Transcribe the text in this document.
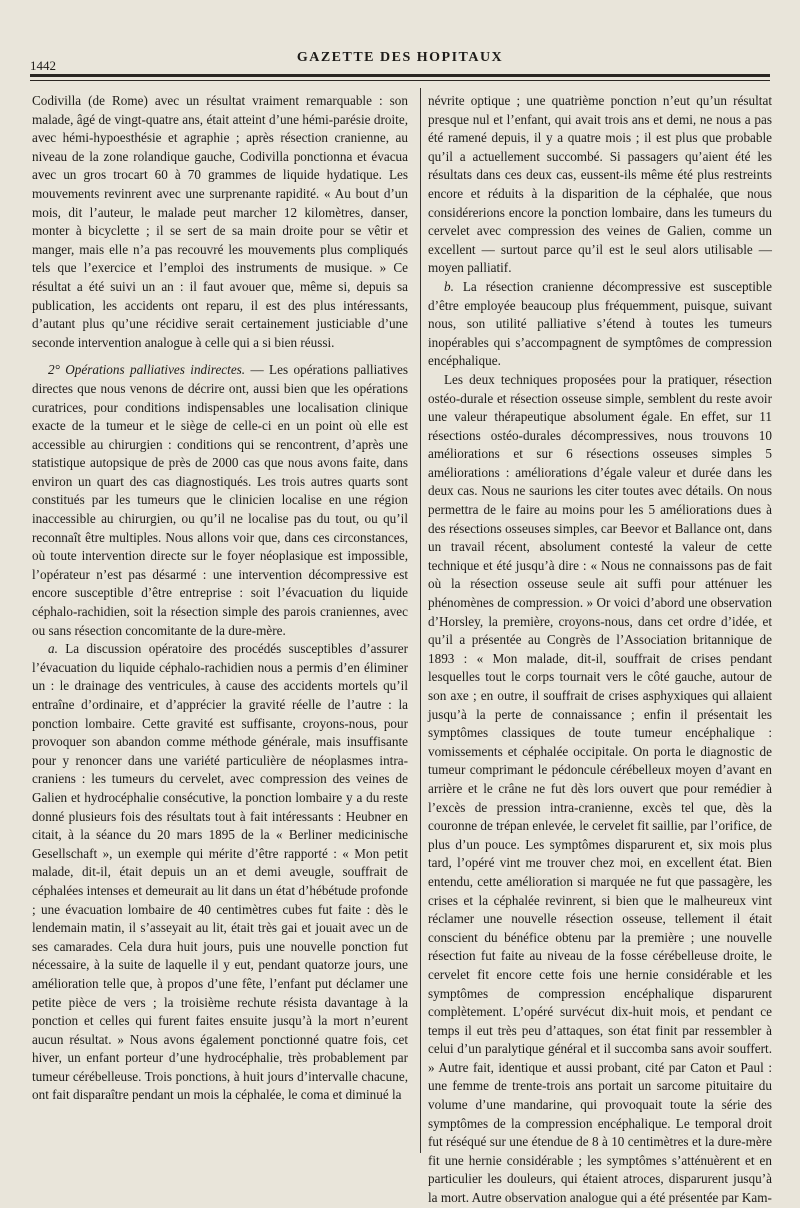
1442
GAZETTE DES HOPITAUX

Codivilla (de Rome) avec un résultat vraiment remarquable : son malade, âgé de vingt-quatre ans, était atteint d’une hémi-parésie droite, avec hémi-hypoesthésie et agraphie ; après résection cranienne, au niveau de la zone rolandique gauche, Codivilla ponctionna et évacua avec un gros trocart 60 à 70 grammes de liquide hydatique. Les mouvements revinrent avec une surprenante rapidité. « Au bout d’un mois, dit l’auteur, le malade peut marcher 12 kilomètres, danser, monter à bicyclette ; il se sert de sa main droite pour se vêtir et manger, mais elle n’a pas recouvré les mouvements plus compliqués tels que l’exercice et l’emploi des instruments de musique. » Ce résultat a été suivi un an : il faut avouer que, même si, depuis sa publication, les accidents ont reparu, il est des plus intéressants, d’autant plus qu’une récidive serait certainement justiciable d’une seconde intervention analogue à celle qui a si bien réussi.

2° Opérations palliatives indirectes. — Les opérations palliatives directes que nous venons de décrire ont, aussi bien que les opérations curatrices, pour conditions indispensables une localisation clinique exacte de la tumeur et le siège de celle-ci en un point où elle est accessible au chirurgien : conditions qui se rencontrent, d’après une statistique autopsique de près de 2000 cas que nous avons faite, dans environ un quart des cas diagnostiqués. Les trois autres quarts sont constitués par les tumeurs que le clinicien localise en une région inaccessible au chirurgien, ou qu’il ne localise pas du tout, ou qu’il reconnaît être multiples. Nous allons voir que, dans ces circonstances, où toute intervention directe sur le foyer néoplasique est impossible, l’opérateur n’est pas désarmé : une intervention décompressive est encore susceptible d’être entreprise : soit l’évacuation du liquide céphalo-rachidien, soit la résection simple des parois craniennes, avec ou sans résection concomitante de la dure-mère.

a. La discussion opératoire des procédés susceptibles d’assurer l’évacuation du liquide céphalo-rachidien nous a permis d’en éliminer un : le drainage des ventricules, à cause des accidents mortels qu’il entraîne d’ordinaire, et d’apprécier la gravité réelle de l’autre : la ponction lombaire. Cette gravité est suffisante, croyons-nous, pour provoquer son abandon comme méthode générale, mais insuffisante pour y renoncer dans une variété particulière de néoplasmes intra-craniens : les tumeurs du cervelet, avec compression des veines de Galien et hydrocéphalie consécutive, la ponction lombaire y a du reste donné plusieurs fois des résultats tout à fait intéressants : Heubner en citait, à la séance du 20 mars 1895 de la « Berliner medicinische Gesellschaft », un exemple qui mérite d’être rapporté : « Mon petit malade, dit-il, était depuis un an et demi aveugle, souffrait de céphalées intenses et demeurait au lit dans un état d’hébétude profonde ; une évacuation lombaire de 40 centimètres cubes fut faite : dès le lendemain matin, il s’asseyait au lit, était très gai et jouait avec un de ses camarades. Cela dura huit jours, puis une nouvelle ponction fut nécessaire, à la suite de laquelle il y eut, pendant quatorze jours, une amélioration telle que, à propos d’une fête, l’enfant put déclamer une petite pièce de vers ; la troisième rechute résista davantage à la ponction et celles qui furent faites ensuite jusqu’à la mort n’eurent aucun résultat. » Nous avons également ponctionné quatre fois, cet hiver, un enfant porteur d’une hydrocéphalie, très probablement par tumeur cérébelleuse. Trois ponctions, à huit jours d’intervalle chacune, ont fait disparaître pendant un mois la céphalée, le coma et diminué la

névrite optique ; une quatrième ponction n’eut qu’un résultat presque nul et l’enfant, qui avait trois ans et demi, ne nous a pas été ramené depuis, il y a quatre mois ; il est plus que probable qu’il a actuellement succombé. Si passagers qu’aient été les résultats dans ces deux cas, eussent-ils même été plus restreints encore et réduits à la disparition de la céphalée, que nous considérerions encore la ponction lombaire, dans les tumeurs du cervelet avec compression des veines de Galien, comme un excellent — surtout parce qu’il est le seul alors utilisable — moyen palliatif.

b. La résection cranienne décompressive est susceptible d’être employée beaucoup plus fréquemment, puisque, suivant nous, son utilité palliative s’étend à toutes les tumeurs inopérables qui s’accompagnent de symptômes de compression encéphalique.

Les deux techniques proposées pour la pratiquer, résection ostéo-durale et résection osseuse simple, semblent du reste avoir une valeur thérapeutique absolument égale. En effet, sur 11 résections ostéo-durales décompressives, nous trouvons 10 améliorations et sur 6 résections osseuses simples 5 améliorations : améliorations d’égale valeur et durée dans les deux cas. Nous ne saurions les citer toutes avec détails. On nous permettra de le faire au moins pour les 5 améliorations dues à des résections osseuses simples, car Beevor et Ballance ont, dans un travail récent, absolument contesté la valeur de cette technique et été jusqu’à dire : « Nous ne connaissons pas de fait où la résection osseuse seule ait suffi pour atténuer les phénomènes de compression. » Or voici d’abord une observation d’Horsley, la première, croyons-nous, dans cet ordre d’idée, et qu’il a présentée au Congrès de l’Association britannique de 1893 : « Mon malade, dit-il, souffrait de crises pendant lesquelles tout le corps tournait vers le côté gauche, autour de son axe ; en outre, il souffrait de crises asphyxiques qui allaient jusqu’à la perte de connaissance ; enfin il présentait les symptômes classiques de toute tumeur encéphalique : vomissements et céphalée occipitale. On porta le diagnostic de tumeur comprimant le pédoncule cérébelleux moyen d’avant en arrière et le crâne ne fut dès lors ouvert que pour remédier à l’excès de pression intra-cranienne, excès tel que, dès la couronne de trépan enlevée, le cervelet fit saillie, par l’orifice, de plus d’un pouce. Les symptômes disparurent et, six mois plus tard, l’opéré vint me trouver chez moi, en excellent état. Bien entendu, cette amélioration si marquée ne fut que passagère, les crises et la céphalée revinrent, si bien que le malheureux vint réclamer une nouvelle résection osseuse, tellement il était conscient du bénéfice obtenu par la première ; une nouvelle résection fut faite au niveau de la fosse cérébelleuse droite, le cervelet fit encore cette fois une hernie considérable et les symptômes de compression encéphalique disparurent complètement. L’opéré survécut dix-huit mois, et pendant ce temps il eut très peu d’attaques, son état finit par ressembler à celui d’un paralytique général et il succomba sans avoir souffert. » Autre fait, identique et aussi probant, cité par Caton et Paul : une femme de trente-trois ans portait un sarcome pituitaire du volume d’une mandarine, qui provoquait toute la série des symptômes de la compression encéphalique. Le temporal droit fut réséqué sur une étendue de 8 à 10 centimètres et la dure-mère fit une hernie considérable ; les symptômes s’atténuèrent et en particulier les douleurs, qui étaient atroces, disparurent jusqu’à la mort. Autre observation analogue qui a été présentée par Kam-
